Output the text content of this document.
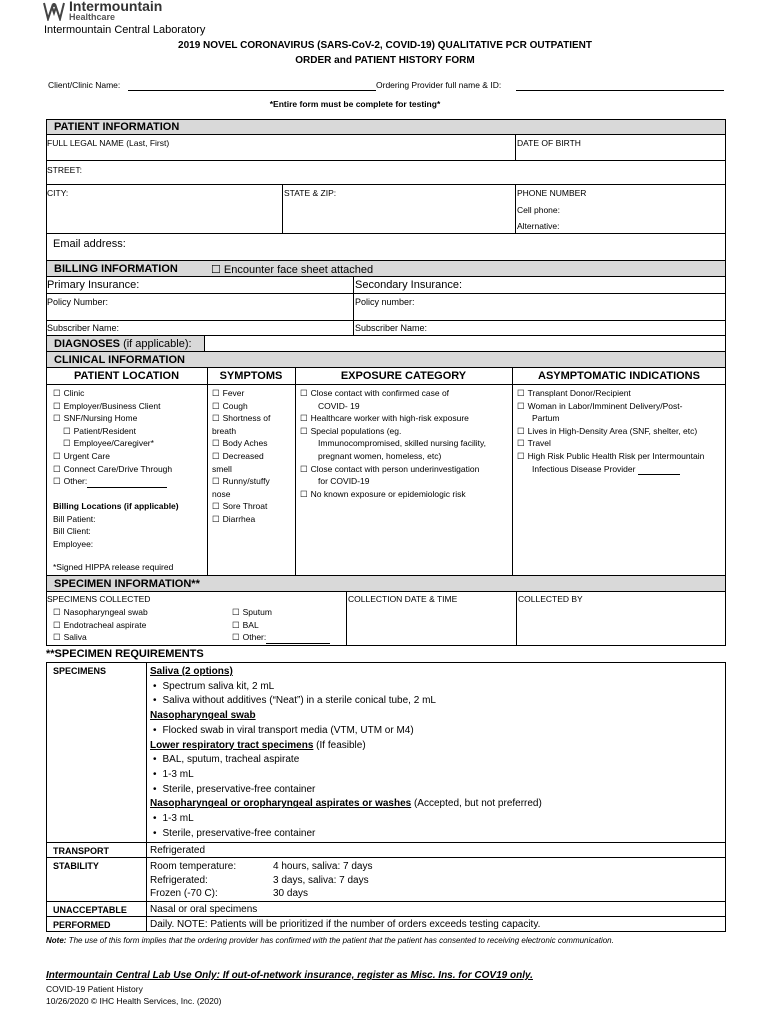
Intermountain
Healthcare
Intermountain Central Laboratory
2019 NOVEL CORONAVIRUS (SARS-CoV-2, COVID-19) QUALITATIVE PCR OUTPATIENT
ORDER and PATIENT HISTORY FORM
Client/Clinic Name:	Ordering Provider full name & ID:
*Entire form must be complete for testing*
PATIENT INFORMATION
FULL LEGAL NAME (Last, First)	DATE OF BIRTH
STREET:
CITY:	STATE & ZIP:	PHONE NUMBER
Cell phone:
Alternative:
Email address:
BILLING INFORMATION
☐	Encounter face sheet attached
Primary Insurance:	Secondary Insurance:
Policy Number:	Policy number:
Subscriber Name:	Subscriber Name:
DIAGNOSES (if applicable):
CLINICAL INFORMATION
PATIENT LOCATION	SYMPTOMS	EXPOSURE CATEGORY	ASYMPTOMATIC INDICATIONS
☐ Clinic
☐ Employer/Business Client
☐ SNF/Nursing Home
☐ Patient/Resident
☐ Employee/Caregiver*
☐ Urgent Care
☐ Connect Care/Drive Through
☐ Other:
Billing Locations (if applicable)
Bill Patient:
Bill Client:
Employee:
*Signed HIPPA release required
☐ Fever
☐ Cough
☐ Shortness of
breath
☐ Body Aches
☐ Decreased
smell
☐ Runny/stuffy
nose
☐ Sore Throat
☐ Diarrhea
☐ Close contact with confirmed case of
COVID- 19
☐ Healthcare worker with high-risk exposure
☐ Special populations (eg.
Immunocompromised, skilled nursing facility,
pregnant women, homeless, etc)
☐ Close contact with person underinvestigation
for COVID-19
☐ No known exposure or epidemiologic risk
☐ Transplant Donor/Recipient
☐ Woman in Labor/Imminent Delivery/Post-
Partum
☐ Lives in High-Density Area (SNF, shelter, etc)
☐ Travel
☐ High Risk Public Health Risk per Intermountain
Infectious Disease Provider
SPECIMEN INFORMATION**
SPECIMENS COLLECTED
☐ Nasopharyngeal swab
☐ Endotracheal aspirate
☐ Saliva
☐ Sputum
☐ BAL
☐ Other:
COLLECTION DATE & TIME	COLLECTED BY
**SPECIMEN REQUIREMENTS
SPECIMENS	Saliva (2 options)
• Spectrum saliva kit, 2 mL
• Saliva without additives (“Neat”) in a sterile conical tube, 2 mL
Nasopharyngeal swab
• Flocked swab in viral transport media (VTM, UTM or M4)
Lower respiratory tract specimens (If feasible)
• BAL, sputum, tracheal aspirate
• 1-3 mL
• Sterile, preservative-free container
Nasopharyngeal or oropharyngeal aspirates or washes (Accepted, but not preferred)
• 1-3 mL
• Sterile, preservative-free container
TRANSPORT	Refrigerated
STABILITY	Room temperature:	4 hours, saliva: 7 days
Refrigerated:	3 days, saliva: 7 days
Frozen (-70 C):	30 days
UNACCEPTABLE Nasal or oral specimens
PERFORMED	Daily. NOTE: Patients will be prioritized if the number of orders exceeds testing capacity.
Note: The use of this form implies that the ordering provider has confirmed with the patient that the patient has consented to receiving electronic communication.
Intermountain Central Lab Use Only: If out-of-network insurance, register as Misc. Ins. for COV19 only.
COVID-19 Patient History
10/26/2020 © IHC Health Services, Inc. (2020)
